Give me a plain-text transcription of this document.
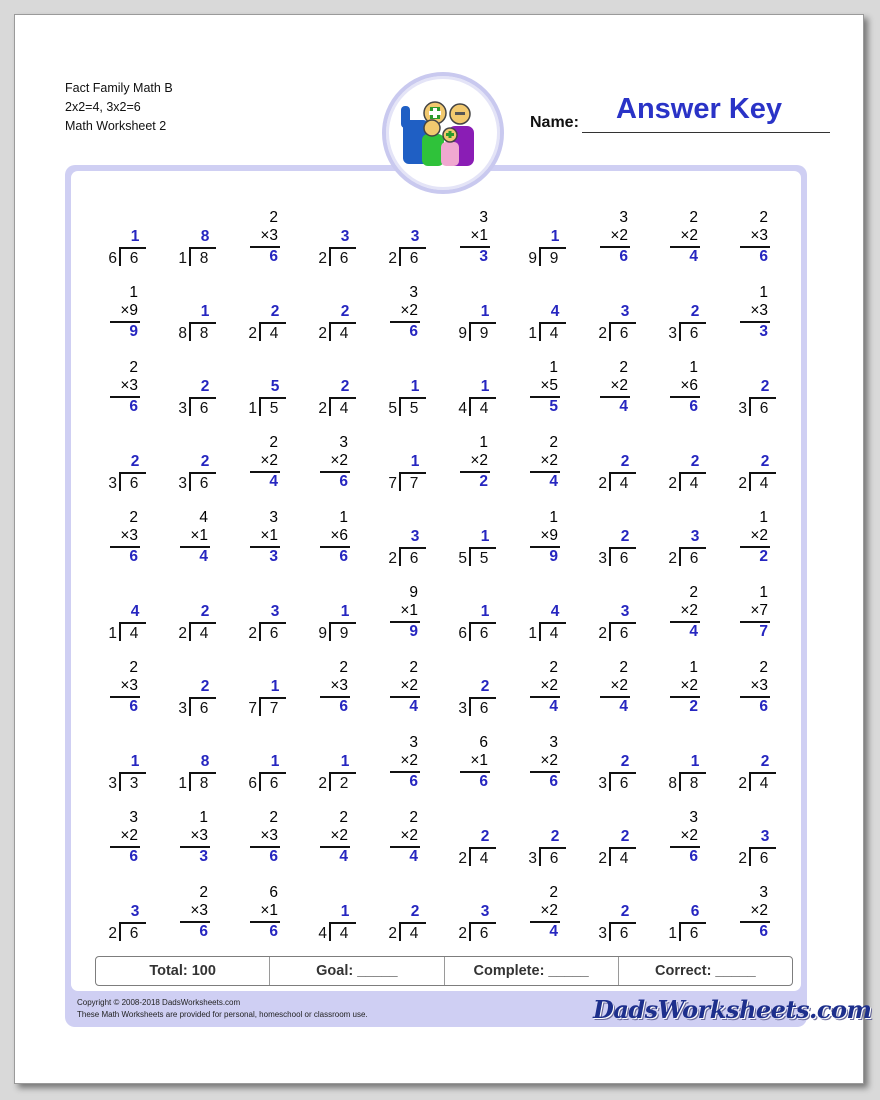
Fact Family Math B
2x2=4, 3x2=6
Math Worksheet 2	Name: Answer Key
Total: 100	Goal: _____	Complete: _____	Correct: _____
1
6 6
8
1 8
2
×3
6
3
2 6
3
2 6
3
×1
3
1
9 9
3
×2
6
2
×2
4
2
×3
6
1
×9
9
1
8 8
2
2 4
2
2 4
3
×2
6
1
9 9
4
1 4
3
2 6
2
3 6
1
×3
3
2
×3
6
2
3 6
5
1 5
2
2 4
1
5 5
1
4 4
1
×5
5
2
×2
4
1
×6
6
2
3 6
2
3 6
2
3 6
2
×2
4
3
×2
6
1
7 7
1
×2
2
2
×2
4
2
2 4
2
2 4
2
2 4
2
×3
6
4
×1
4
3
×1
3
1
×6
6
3
2 6
1
5 5
1
×9
9
2
3 6
3
2 6
1
×2
2
4
1 4
2
2 4
3
2 6
1
9 9
9
×1
9
1
6 6
4
1 4
3
2 6
2
×2
4
1
×7
7
2
×3
6
2
3 6
1
7 7
2
×3
6
2
×2
4
2
3 6
2
×2
4
2
×2
4
1
×2
2
2
×3
6
1
3 3
8
1 8
1
6 6
1
2 2
3
×2
6
6
×1
6
3
×2
6
2
3 6
1
8 8
2
2 4
3
×2
6
1
×3
3
2
×3
6
2
×2
4
2
×2
4
2
2 4
2
3 6
2
2 4
3
×2
6
3
2 6
3
2 6
2
×3
6
6
×1
6
1
4 4
2
2 4
3
2 6
2
×2
4
2
3 6
6
1 6
3
×2
6
Copyright © 2008-2018 DadsWorksheets.com
These Math Worksheets are provided for personal, homeschool or classroom use.	DadsWorksheets.com
